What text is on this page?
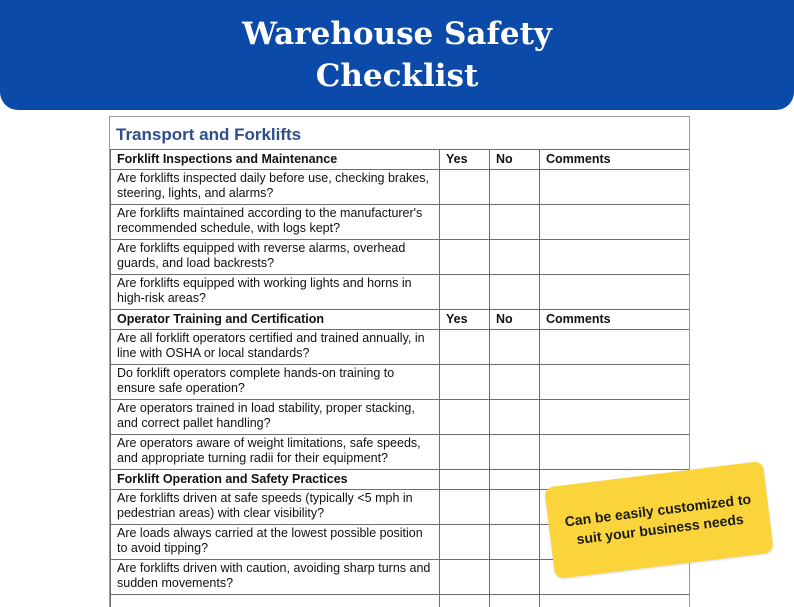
Warehouse Safety
Checklist
Transport and Forklifts
Forklift Inspections and Maintenance	Yes	No	Comments
Are forklifts inspected daily before use, checking brakes, steering, lights, and alarms?			
Are forklifts maintained according to the manufacturer's recommended schedule, with logs kept?			
Are forklifts equipped with reverse alarms, overhead guards, and load backrests?			
Are forklifts equipped with working lights and horns in high-risk areas?			
Operator Training and Certification	Yes	No	Comments
Are all forklift operators certified and trained annually, in line with OSHA or local standards?			
Do forklift operators complete hands-on training to ensure safe operation?			
Are operators trained in load stability, proper stacking, and correct pallet handling?			
Are operators aware of weight limitations, safe speeds, and appropriate turning radii for their equipment?			
Forklift Operation and Safety Practices			
Are forklifts driven at safe speeds (typically <5 mph in pedestrian areas) with clear visibility?			
Are loads always carried at the lowest possible position to avoid tipping?			
Are forklifts driven with caution, avoiding sharp turns and sudden movements?			

Can be easily customized to suit your business needs
